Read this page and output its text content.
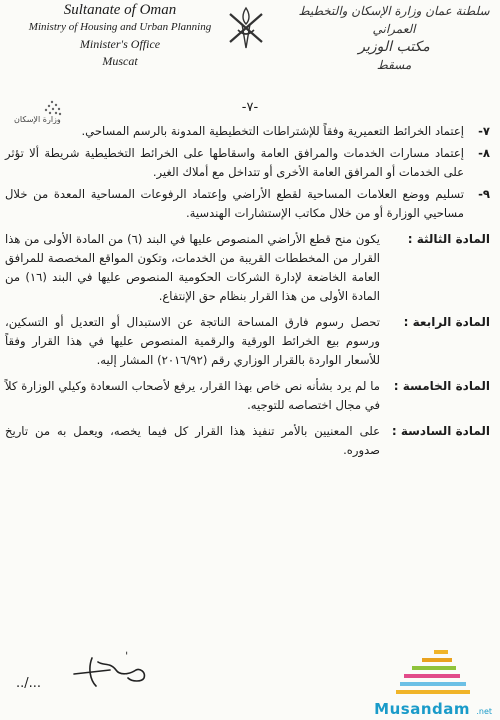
Sultanate of Oman
Ministry of Housing and Urban Planning
Minister's Office
Muscat
سلطنة عمان وزارة الإسكان والتخطيط العمراني
مكتب الوزير
مسقط
وزارة الإسكان
-٧-
٧-
إعتماد الخرائط التعميرية وفقاً للإشتراطات التخطيطية المدونة بالرسم المساحي.
٨-
إعتماد مسارات الخدمات والمرافق العامة واسقاطها على الخرائط التخطيطية شريطة ألا تؤثر على الخدمات أو المرافق العامة الأخرى أو تتداخل مع أملاك الغير.
٩-
تسليم ووضع العلامات المساحية لقطع الأراضي وإعتماد الرفوعات المساحية المعدة من خلال مساحيي الوزارة أو من خلال مكاتب الإستشارات الهندسية.
المادة الثالثة :
يكون منح قطع الأراضي المنصوص عليها في البند (٦) من المادة الأولى من هذا القرار من المخططات القريبة من الخدمات، وتكون المواقع المخصصة للمرافق العامة الخاضعة لإدارة الشركات الحكومية المنصوص عليها في البند (١٦) من المادة الأولى من هذا القرار بنظام حق الإنتفاع.
المادة الرابعة :
تحصل رسوم فارق المساحة الناتجة عن الاستبدال أو التعديل أو التسكين، ورسوم بيع الخرائط الورقية والرقمية المنصوص عليها في هذا القرار وفقاً للأسعار الواردة بالقرار الوزاري رقم (٢٠١٦/٩٢) المشار إليه.
المادة الخامسة :
ما لم يرد بشأنه نص خاص بهذا القرار، يرفع لأصحاب السعادة وكيلي الوزارة كلاً في مجال اختصاصه للتوجيه.
المادة السادسة :
على المعنيين بالأمر تنفيذ هذا القرار كل فيما يخصه، ويعمل به من تاريخ صدوره.
ˈ
../...
Musandam .net
